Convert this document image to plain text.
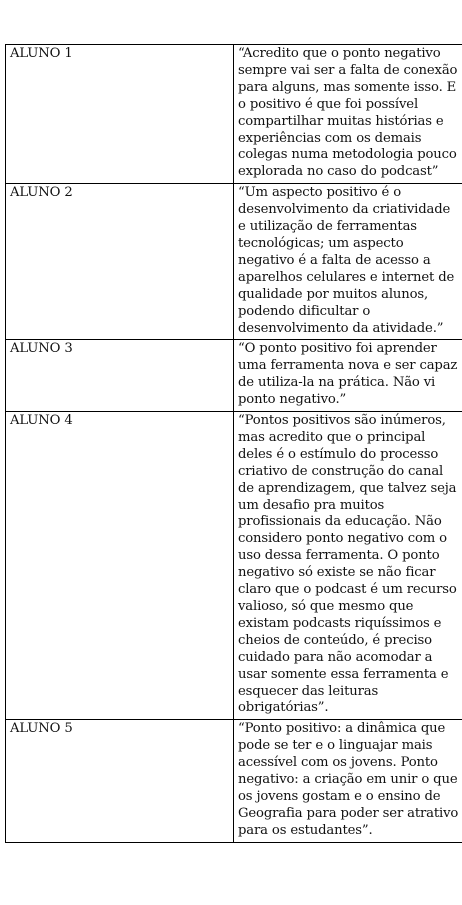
ALUNO 1	“Acredito que o ponto negativo sempre vai ser a falta de conexão para alguns, mas somente isso. E o positivo é que foi possível compartilhar muitas histórias e experiências com os demais colegas numa metodologia pouco explorada no caso do podcast”
ALUNO 2	“Um aspecto positivo é o desenvolvimento da criatividade e utilização de ferramentas tecnológicas; um aspecto negativo é a falta de acesso a aparelhos celulares e internet de qualidade por muitos alunos, podendo dificultar o desenvolvimento da atividade.”
ALUNO 3	“O ponto positivo foi aprender uma ferramenta nova e ser capaz de utiliza-la na prática. Não vi ponto negativo.”
ALUNO 4	“Pontos positivos são inúmeros, mas acredito que o principal deles é o estímulo do processo criativo de construção do canal de aprendizagem, que talvez seja um desafio pra muitos profissionais da educação. Não considero ponto negativo com o uso dessa ferramenta. O ponto negativo só existe se não ficar claro que o podcast é um recurso valioso, só que mesmo que existam podcasts riquíssimos e cheios de conteúdo, é preciso cuidado para não acomodar a usar somente essa ferramenta e esquecer das leituras obrigatórias”.
ALUNO 5	“Ponto positivo: a dinâmica que pode se ter e o linguajar mais acessível com os jovens. Ponto negativo: a criação em unir o que os jovens gostam e o ensino de Geografia para poder ser atrativo para os estudantes”.
